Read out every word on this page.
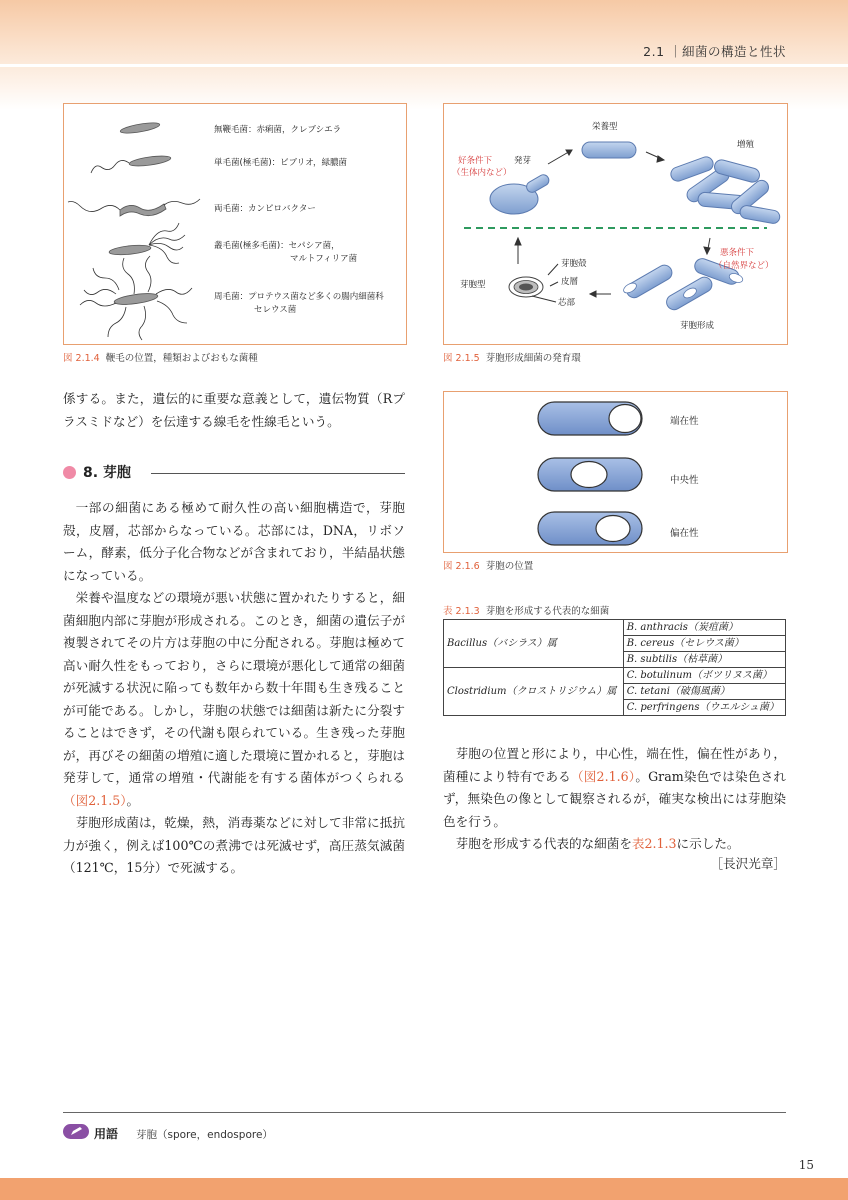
2.1 ｜細菌の構造と性状
15
無鞭毛菌：赤痢菌，クレブシエラ
単毛菌(極毛菌)：ビブリオ，緑膿菌
両毛菌：カンピロバクター
叢毛菌(極多毛菌)：セパシア菌，
マルトフィリア菌
周毛菌：プロテウス菌など多くの腸内細菌科
セレウス菌
図 2.1.4 鞭毛の位置，種類およびおもな菌種
栄養型
増殖
好条件下
（生体内など）
発芽
悪条件下
（自然界など）
芽胞型
芽胞殻
皮層
芯部
芽胞形成
図 2.1.5 芽胞形成細菌の発育環
端在性
中央性
偏在性
図 2.1.6 芽胞の位置
表 2.1.3 芽胞を形成する代表的な細菌
Bacillus（バシラス）属	B. anthracis（炭疽菌）
	B. cereus（セレウス菌）
	B. subtilis（枯草菌）
Clostridium（クロストリジウム）属	C. botulinum（ボツリヌス菌）
	C. tetani（破傷風菌）
	C. perfringens（ウエルシュ菌）

係する。また，遺伝的に重要な意義として，遺伝物質（Rプラスミドなど）を伝達する線毛を性線毛という。

8. 芽胞

一部の細菌にある極めて耐久性の高い細胞構造で，芽胞殻，皮層，芯部からなっている。芯部には，DNA，リボソーム，酵素，低分子化合物などが含まれており，半結晶状態になっている。

栄養や温度などの環境が悪い状態に置かれたりすると，細菌細胞内部に芽胞が形成される。このとき，細菌の遺伝子が複製されてその片方は芽胞の中に分配される。芽胞は極めて高い耐久性をもっており，さらに環境が悪化して通常の細菌が死滅する状況に陥っても数年から数十年間も生き残ることが可能である。しかし，芽胞の状態では細菌は新たに分裂することはできず，その代謝も限られている。生き残った芽胞が，再びその細菌の増殖に適した環境に置かれると，芽胞は発芽して，通常の増殖・代謝能を有する菌体がつくられる（図2.1.5）。

芽胞形成菌は，乾燥，熱，消毒薬などに対して非常に抵抗力が強く，例えば100℃の煮沸では死滅せず，高圧蒸気滅菌（121℃，15分）で死滅する。

芽胞の位置と形により，中心性，端在性，偏在性があり，菌種により特有である（図2.1.6）。Gram染色では染色されず，無染色の像として観察されるが，確実な検出には芽胞染色を行う。

芽胞を形成する代表的な細菌を表2.1.3に示した。

［長沢光章］
用語 芽胞（spore，endospore）
